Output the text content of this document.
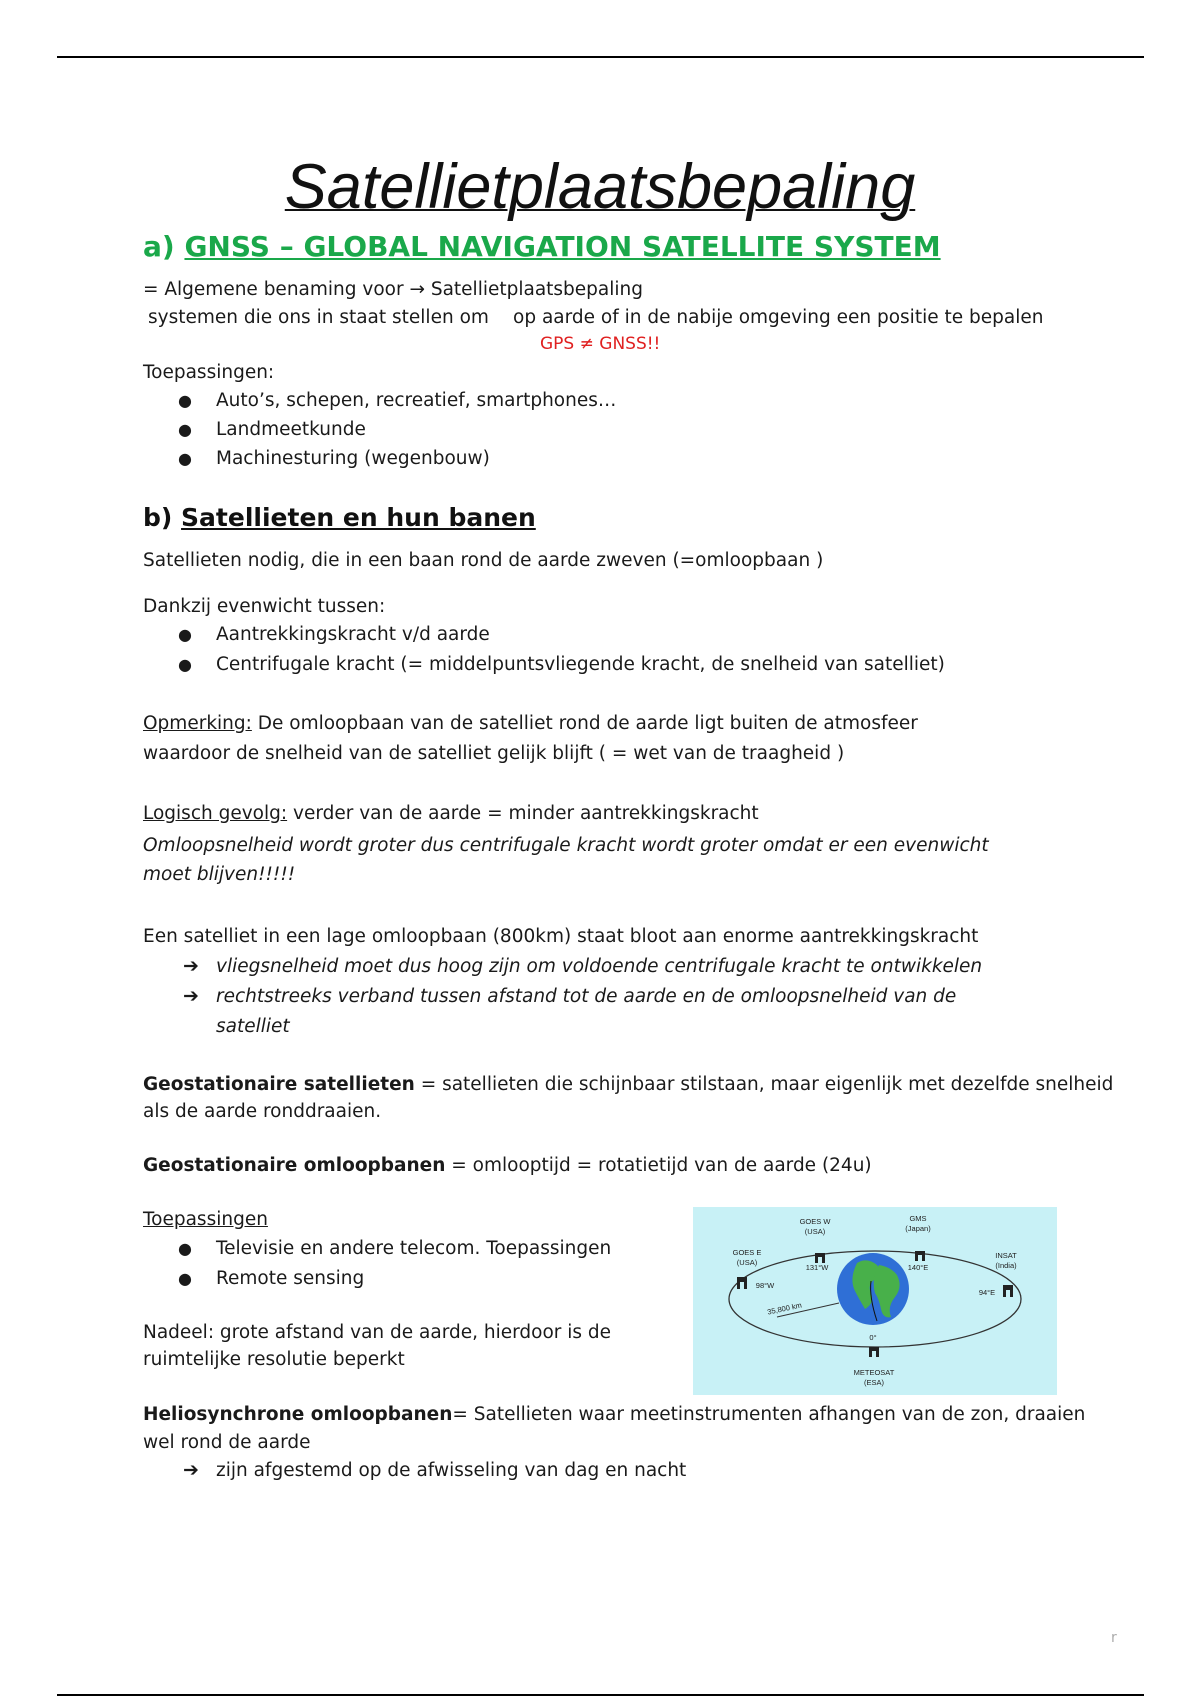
Satellietplaatsbepaling
a) GNSS – GLOBAL NAVIGATION SATELLITE SYSTEM
= Algemene benaming voor → Satellietplaatsbepaling
systemen die ons in staat stellen om op aarde of in de nabije omgeving een positie te bepalen
GPS ≠ GNSS!!
Toepassingen:
● Auto’s, schepen, recreatief, smartphones…
● Landmeetkunde
● Machinesturing (wegenbouw)
b) Satellieten en hun banen
Satellieten nodig, die in een baan rond de aarde zweven (=omloopbaan )
Dankzij evenwicht tussen:
● Aantrekkingskracht v/d aarde
● Centrifugale kracht (= middelpuntsvliegende kracht, de snelheid van satelliet)
Opmerking: De omloopbaan van de satelliet rond de aarde ligt buiten de atmosfeer
waardoor de snelheid van de satelliet gelijk blijft ( = wet van de traagheid )
Logisch gevolg: verder van de aarde = minder aantrekkingskracht
Omloopsnelheid wordt groter dus centrifugale kracht wordt groter omdat er een evenwicht
moet blijven!!!!!
Een satelliet in een lage omloopbaan (800km) staat bloot aan enorme aantrekkingskracht
➔ vliegsnelheid moet dus hoog zijn om voldoende centrifugale kracht te ontwikkelen
➔ rechtstreeks verband tussen afstand tot de aarde en de omloopsnelheid van de
satelliet
Geostationaire satellieten = satellieten die schijnbaar stilstaan, maar eigenlijk met dezelfde snelheid
als de aarde ronddraaien.
Geostationaire omloopbanen = omlooptijd = rotatietijd van de aarde (24u)
Toepassingen
● Televisie en andere telecom. Toepassingen
● Remote sensing
Nadeel: grote afstand van de aarde, hierdoor is de
ruimtelijke resolutie beperkt
GOES W
(USA)
131°W
GMS
(Japan)
140°E
GOES E
(USA)
98°W
INSAT
(India)
94°E
35,800 km
0°
METEOSAT
(ESA)
Heliosynchrone omloopbanen= Satellieten waar meetinstrumenten afhangen van de zon, draaien
wel rond de aarde
➔ zijn afgestemd op de afwisseling van dag en nacht
r
